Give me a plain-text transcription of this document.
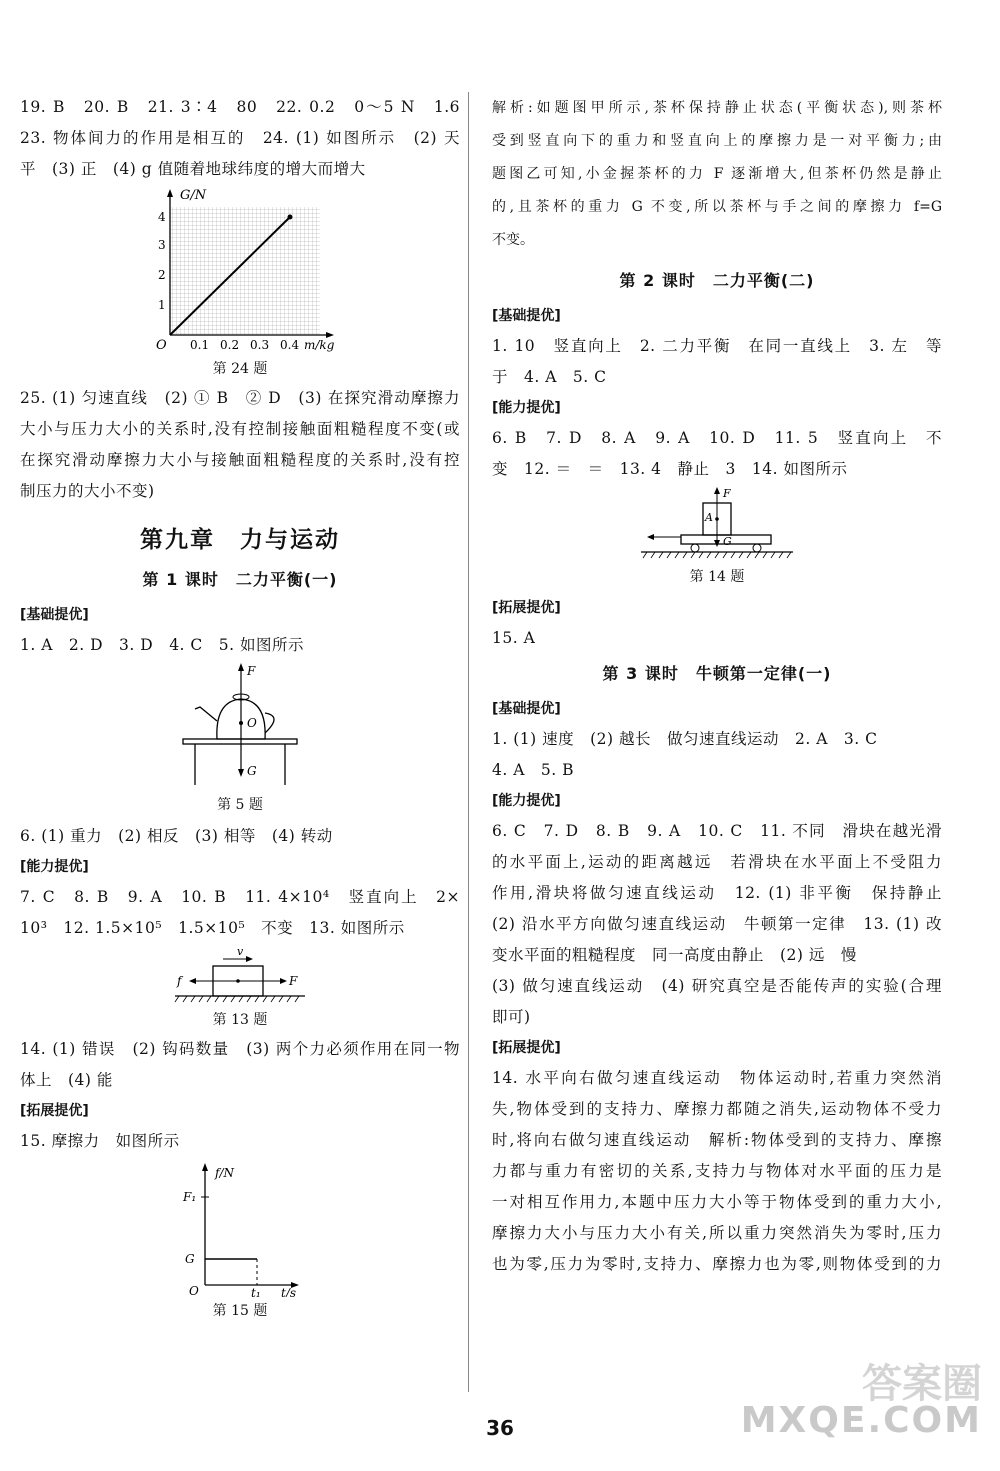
19. B　20. B　21. 3∶4　80　22. 0.2　0～5 N　1.6
23. 物体间力的作用是相互的　24. (1) 如图所示　(2) 天
平　(3) 正　(4) g 值随着地球纬度的增大而增大
G/N
1
2
3
4
O 0.1 0.2 0.3 0.4 m/kg
第 24 题
25. (1) 匀速直线　(2) ① B　② D　(3) 在探究滑动摩擦力
大小与压力大小的关系时,没有控制接触面粗糙程度不变(或
在探究滑动摩擦力大小与接触面粗糙程度的关系时,没有控
制压力的大小不变)
第九章　力与运动
第 1 课时　二力平衡(一)
[基础提优]
1. A　2. D　3. D　4. C　5. 如图所示
F
O
G
第 5 题
6. (1) 重力　(2) 相反　(3) 相等　(4) 转动
[能力提优]
7. C　8. B　9. A　10. B　11. 4×10⁴　竖直向上　2×
10³　12. 1.5×10⁵　1.5×10⁵　不变　13. 如图所示
v
f	F
第 13 题
14. (1) 错误　(2) 钩码数量　(3) 两个力必须作用在同一物
体上　(4) 能
[拓展提优]
15. 摩擦力　如图所示
f/N
F₁
G
O	t₁ t/s
第 15 题
解析:如题图甲所示,茶杯保持静止状态(平衡状态),则茶杯
受到竖直向下的重力和竖直向上的摩擦力是一对平衡力;由
题图乙可知,小金握茶杯的力 F 逐渐增大,但茶杯仍然是静止
的,且茶杯的重力 G 不变,所以茶杯与手之间的摩擦力 f=G
不变。
第 2 课时　二力平衡(二)
[基础提优]
1. 10　竖直向上　2. 二力平衡　在同一直线上　3. 左　等
于　4. A　5. C
[能力提优]
6. B　7. D　8. A　9. A　10. D　11. 5　竖直向上　不
变　12. ＝　＝　13. 4　静止　3　14. 如图所示
F
A
G
第 14 题
[拓展提优]
15. A
第 3 课时　牛顿第一定律(一)
[基础提优]
1. (1) 速度　(2) 越长　做匀速直线运动　2. A　3. C
4. A　5. B
[能力提优]
6. C　7. D　8. B　9. A　10. C　11. 不同　滑块在越光滑
的水平面上,运动的距离越远　若滑块在水平面上不受阻力
作用,滑块将做匀速直线运动　12. (1) 非平衡　保持静止
(2) 沿水平方向做匀速直线运动　牛顿第一定律　13. (1) 改
变水平面的粗糙程度　同一高度由静止　(2) 远　慢
(3) 做匀速直线运动　(4) 研究真空是否能传声的实验(合理
即可)
[拓展提优]
14. 水平向右做匀速直线运动　物体运动时,若重力突然消
失,物体受到的支持力、摩擦力都随之消失,运动物体不受力
时,将向右做匀速直线运动　解析:物体受到的支持力、摩擦
力都与重力有密切的关系,支持力与物体对水平面的压力是
一对相互作用力,本题中压力大小等于物体受到的重力大小,
摩擦力大小与压力大小有关,所以重力突然消失为零时,压力
也为零,压力为零时,支持力、摩擦力也为零,则物体受到的力
36
答案圈
MXQE.COM
